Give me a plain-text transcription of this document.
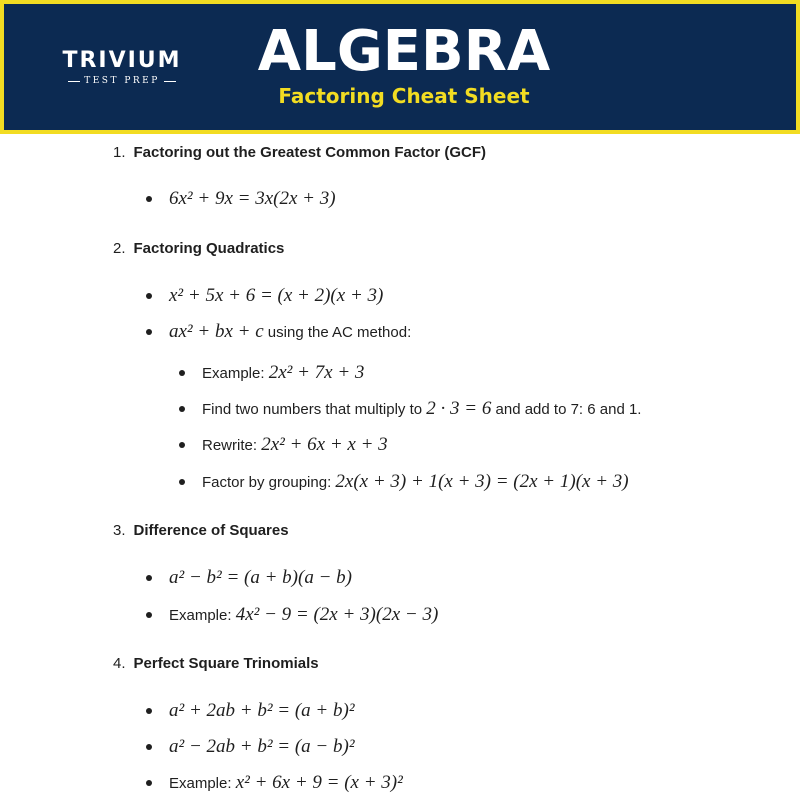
TRIVIUM
TEST PREP ALGEBRA
Factoring Cheat Sheet
1. Factoring out the Greatest Common Factor (GCF)
6x² + 9x = 3x(2x + 3)
2. Factoring Quadratics
x² + 5x + 6 = (x + 2)(x + 3)
ax² + bx + c using the AC method:
Example: 2x² + 7x + 3
Find two numbers that multiply to 2 · 3 = 6 and add to 7: 6 and 1.
Rewrite: 2x² + 6x + x + 3
Factor by grouping: 2x(x + 3) + 1(x + 3) = (2x + 1)(x + 3)
3. Difference of Squares
a² − b² = (a + b)(a − b)
Example: 4x² − 9 = (2x + 3)(2x − 3)
4. Perfect Square Trinomials
a² + 2ab + b² = (a + b)²
a² − 2ab + b² = (a − b)²
Example: x² + 6x + 9 = (x + 3)²
